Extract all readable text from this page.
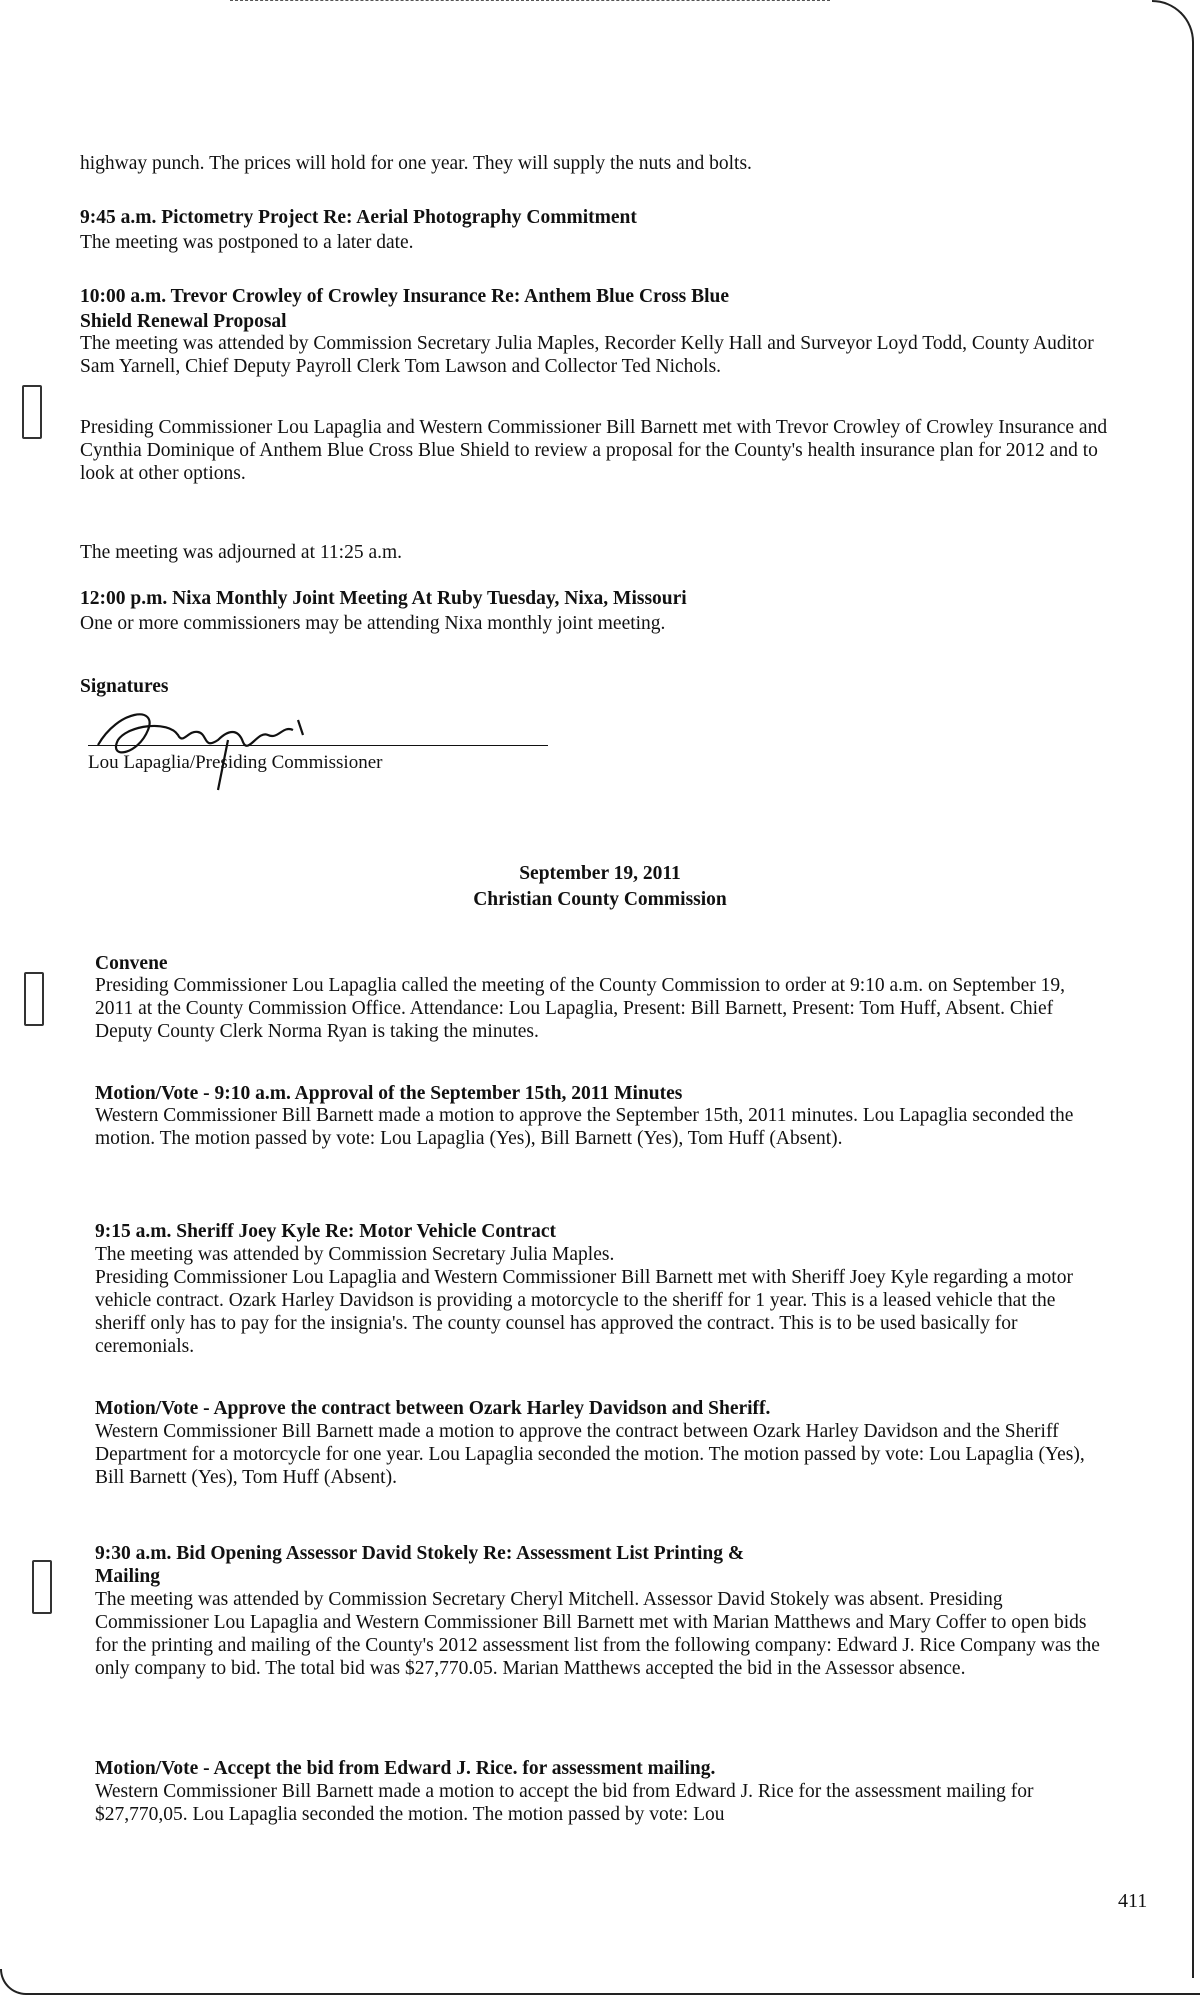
highway punch. The prices will hold for one year. They will supply the nuts and bolts.
9:45 a.m. Pictometry Project Re: Aerial Photography Commitment
The meeting was postponed to a later date.
10:00 a.m. Trevor Crowley of Crowley Insurance Re: Anthem Blue Cross Blue
Shield Renewal Proposal
The meeting was attended by Commission Secretary Julia Maples, Recorder Kelly Hall and Surveyor Loyd Todd, County Auditor Sam Yarnell, Chief Deputy Payroll Clerk Tom Lawson and Collector Ted Nichols.
Presiding Commissioner Lou Lapaglia and Western Commissioner Bill Barnett met with Trevor Crowley of Crowley Insurance and Cynthia Dominique of Anthem Blue Cross Blue Shield to review a proposal for the County's health insurance plan for 2012 and to look at other options.
The meeting was adjourned at 11:25 a.m.
12:00 p.m. Nixa Monthly Joint Meeting At Ruby Tuesday, Nixa, Missouri
One or more commissioners may be attending Nixa monthly joint meeting.
Signatures
Lou Lapaglia/Presiding Commissioner
September 19, 2011
Christian County Commission
Convene
Presiding Commissioner Lou Lapaglia called the meeting of the County Commission to order at 9:10 a.m. on September 19, 2011 at the County Commission Office. Attendance: Lou Lapaglia, Present: Bill Barnett, Present: Tom Huff, Absent. Chief Deputy County Clerk Norma Ryan is taking the minutes.
Motion/Vote - 9:10 a.m. Approval of the September 15th, 2011 Minutes
Western Commissioner Bill Barnett made a motion to approve the September 15th, 2011 minutes. Lou Lapaglia seconded the motion. The motion passed by vote: Lou Lapaglia (Yes), Bill Barnett (Yes), Tom Huff (Absent).
9:15 a.m. Sheriff Joey Kyle Re: Motor Vehicle Contract
The meeting was attended by Commission Secretary Julia Maples.
Presiding Commissioner Lou Lapaglia and Western Commissioner Bill Barnett met with Sheriff Joey Kyle regarding a motor vehicle contract. Ozark Harley Davidson is providing a motorcycle to the sheriff for 1 year. This is a leased vehicle that the sheriff only has to pay for the insignia's. The county counsel has approved the contract. This is to be used basically for ceremonials.
Motion/Vote - Approve the contract between Ozark Harley Davidson and Sheriff.
Western Commissioner Bill Barnett made a motion to approve the contract between Ozark Harley Davidson and the Sheriff Department for a motorcycle for one year. Lou Lapaglia seconded the motion. The motion passed by vote: Lou Lapaglia (Yes), Bill Barnett (Yes), Tom Huff (Absent).
9:30 a.m. Bid Opening Assessor David Stokely Re: Assessment List Printing &
Mailing
The meeting was attended by Commission Secretary Cheryl Mitchell. Assessor David Stokely was absent. Presiding Commissioner Lou Lapaglia and Western Commissioner Bill Barnett met with Marian Matthews and Mary Coffer to open bids for the printing and mailing of the County's 2012 assessment list from the following company: Edward J. Rice Company was the only company to bid. The total bid was $27,770.05. Marian Matthews accepted the bid in the Assessor absence.
Motion/Vote - Accept the bid from Edward J. Rice. for assessment mailing.
Western Commissioner Bill Barnett made a motion to accept the bid from Edward J. Rice for the assessment mailing for $27,770,05. Lou Lapaglia seconded the motion. The motion passed by vote: Lou
411
